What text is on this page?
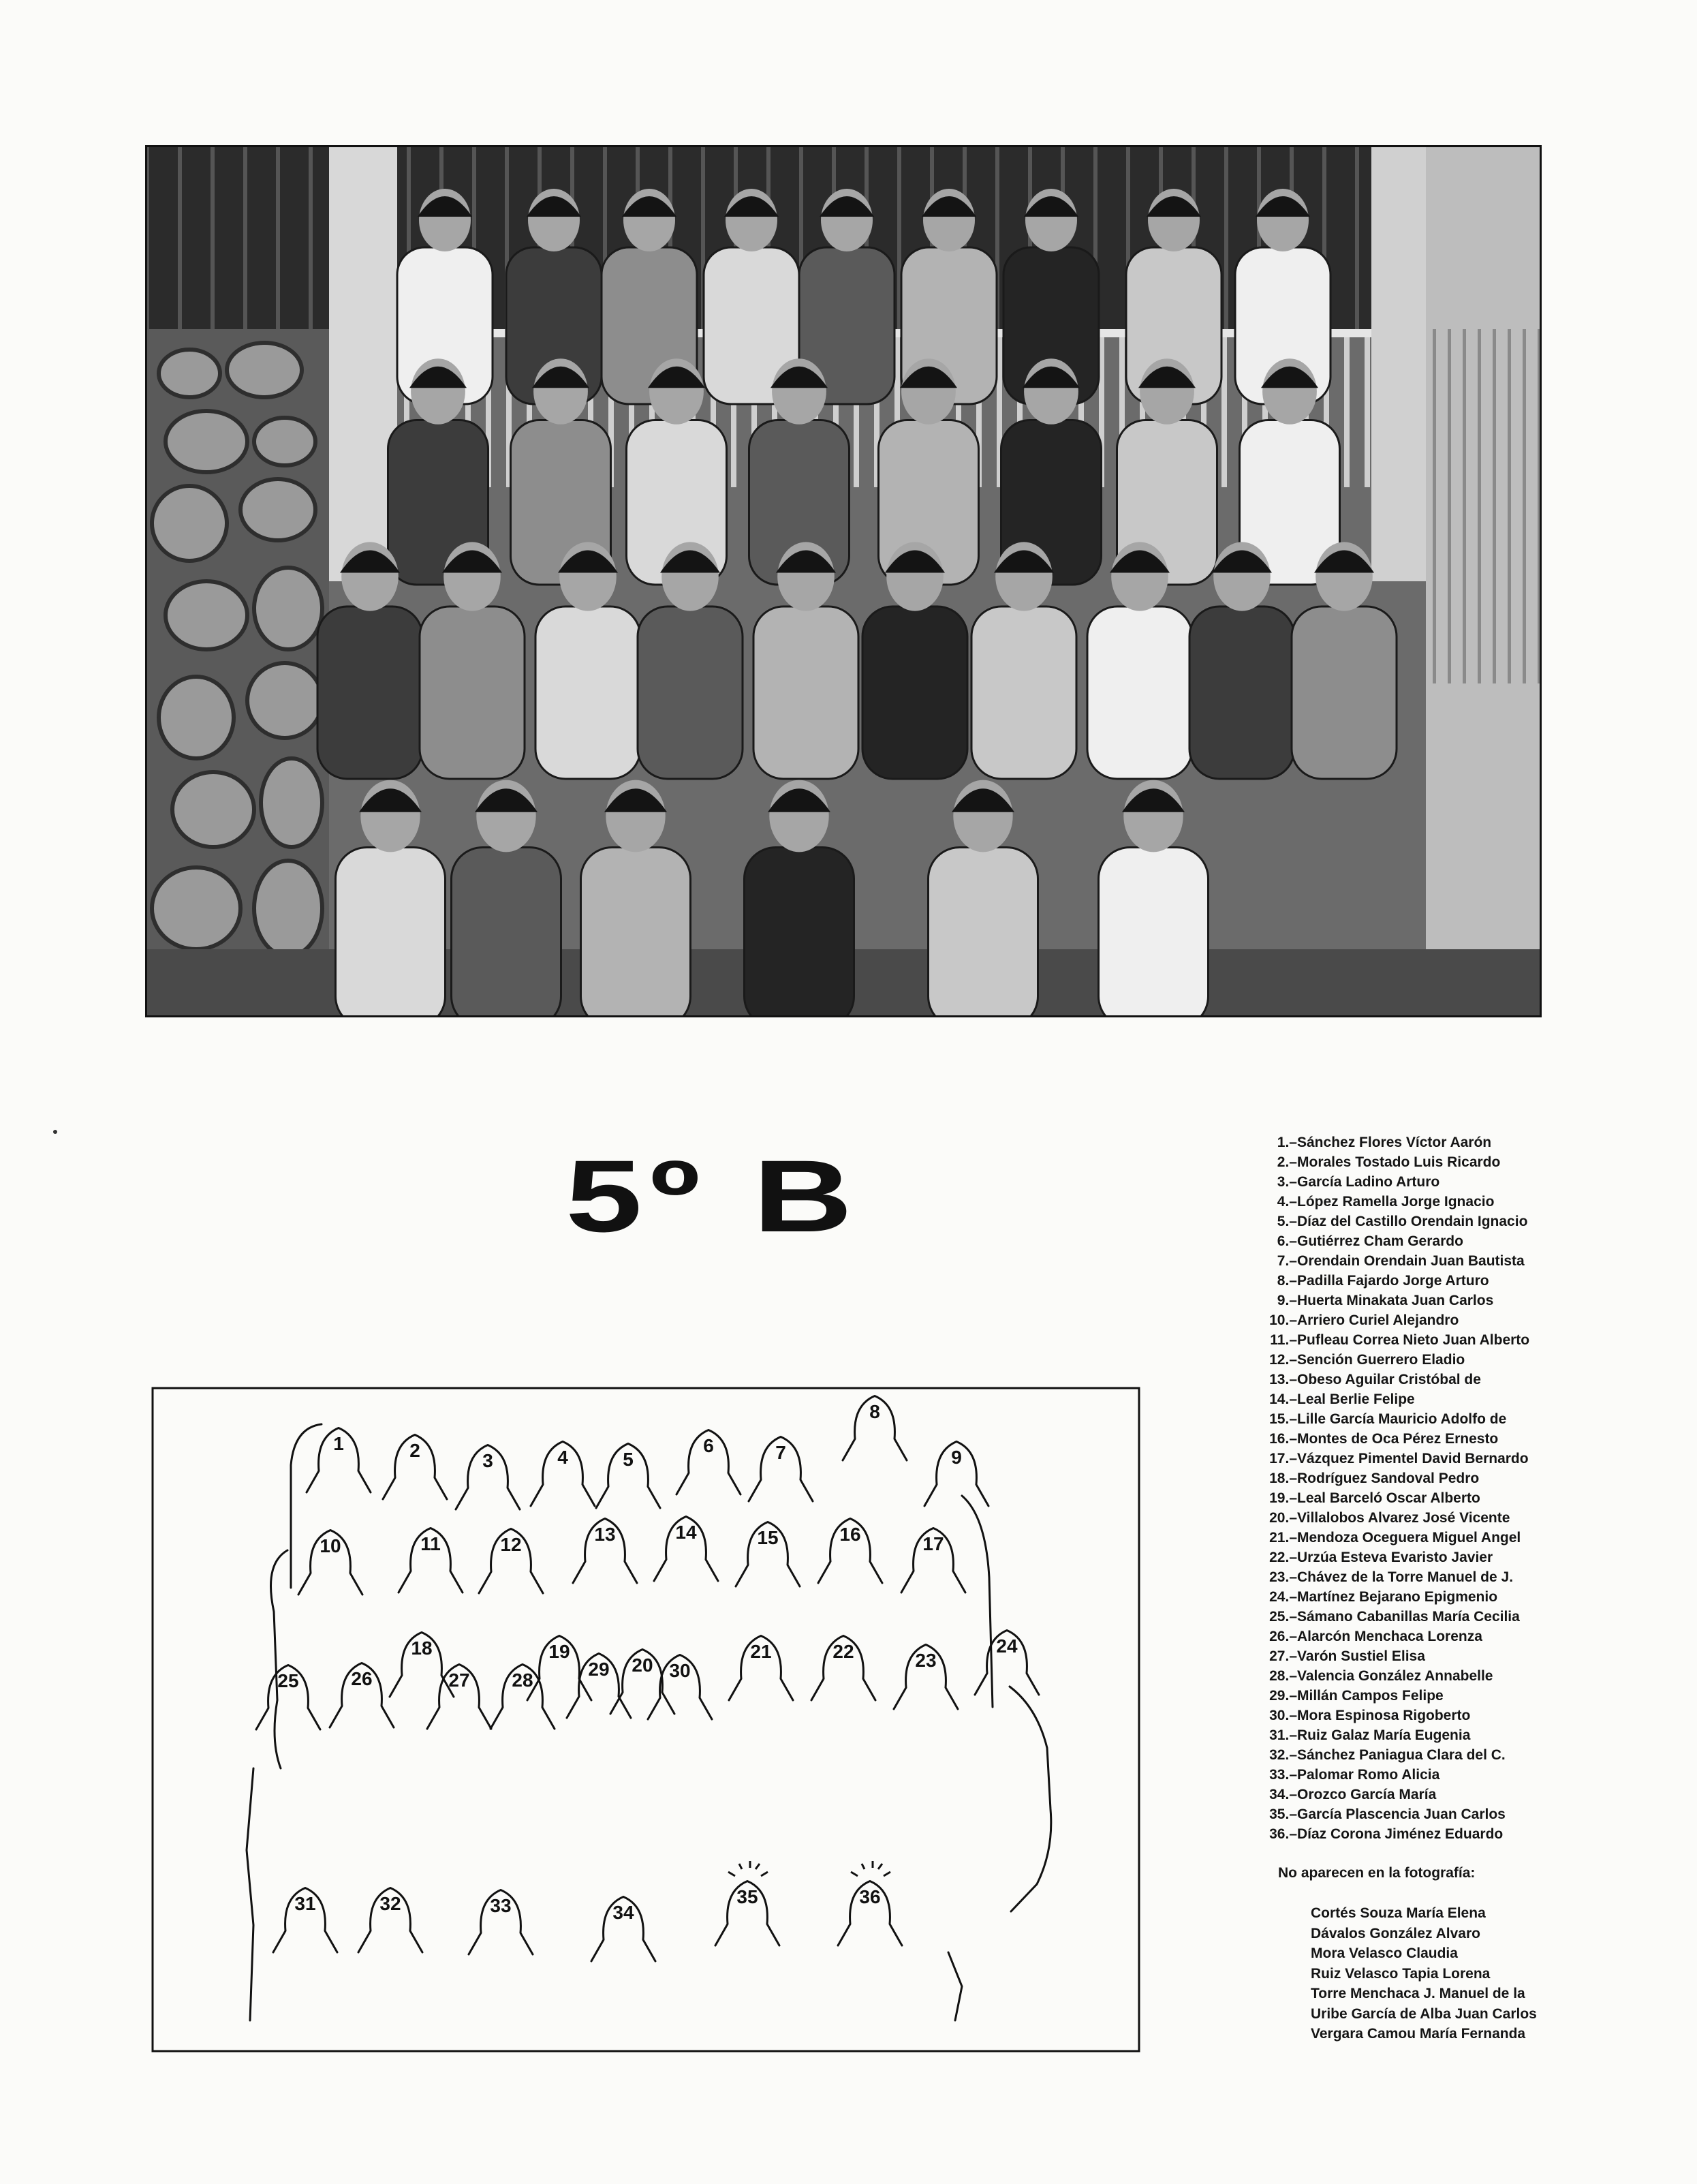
5º B
1	2	3	4	5
6	7
8
9
10	11	12	13	14	15	16	17
18	19
20
21	22	23
24
25	26	27 28
29	30
31	32	33	34
35	36
1.–Sánchez Flores Víctor Aarón
2.–Morales Tostado Luis Ricardo
3.–García Ladino Arturo
4.–López Ramella Jorge Ignacio
5.–Díaz del Castillo Orendain Ignacio
6.–Gutiérrez Cham Gerardo
7.–Orendain Orendain Juan Bautista
8.–Padilla Fajardo Jorge Arturo
9.–Huerta Minakata Juan Carlos
10.–Arriero Curiel Alejandro
11.–Pufleau Correa Nieto Juan Alberto
12.–Sención Guerrero Eladio
13.–Obeso Aguilar Cristóbal de
14.–Leal Berlie Felipe
15.–Lille García Mauricio Adolfo de
16.–Montes de Oca Pérez Ernesto
17.–Vázquez Pimentel David Bernardo
18.–Rodríguez Sandoval Pedro
19.–Leal Barceló Oscar Alberto
20.–Villalobos Alvarez José Vicente
21.–Mendoza Oceguera Miguel Angel
22.–Urzúa Esteva Evaristo Javier
23.–Chávez de la Torre Manuel de J.
24.–Martínez Bejarano Epigmenio
25.–Sámano Cabanillas María Cecilia
26.–Alarcón Menchaca Lorenza
27.–Varón Sustiel Elisa
28.–Valencia González Annabelle
29.–Millán Campos Felipe
30.–Mora Espinosa Rigoberto
31.–Ruiz Galaz María Eugenia
32.–Sánchez Paniagua Clara del C.
33.–Palomar Romo Alicia
34.–Orozco García María
35.–García Plascencia Juan Carlos
36.–Díaz Corona Jiménez Eduardo
No aparecen en la fotografía:
Cortés Souza María Elena
Dávalos González Alvaro
Mora Velasco Claudia
Ruiz Velasco Tapia Lorena
Torre Menchaca J. Manuel de la
Uribe García de Alba Juan Carlos
Vergara Camou María Fernanda
